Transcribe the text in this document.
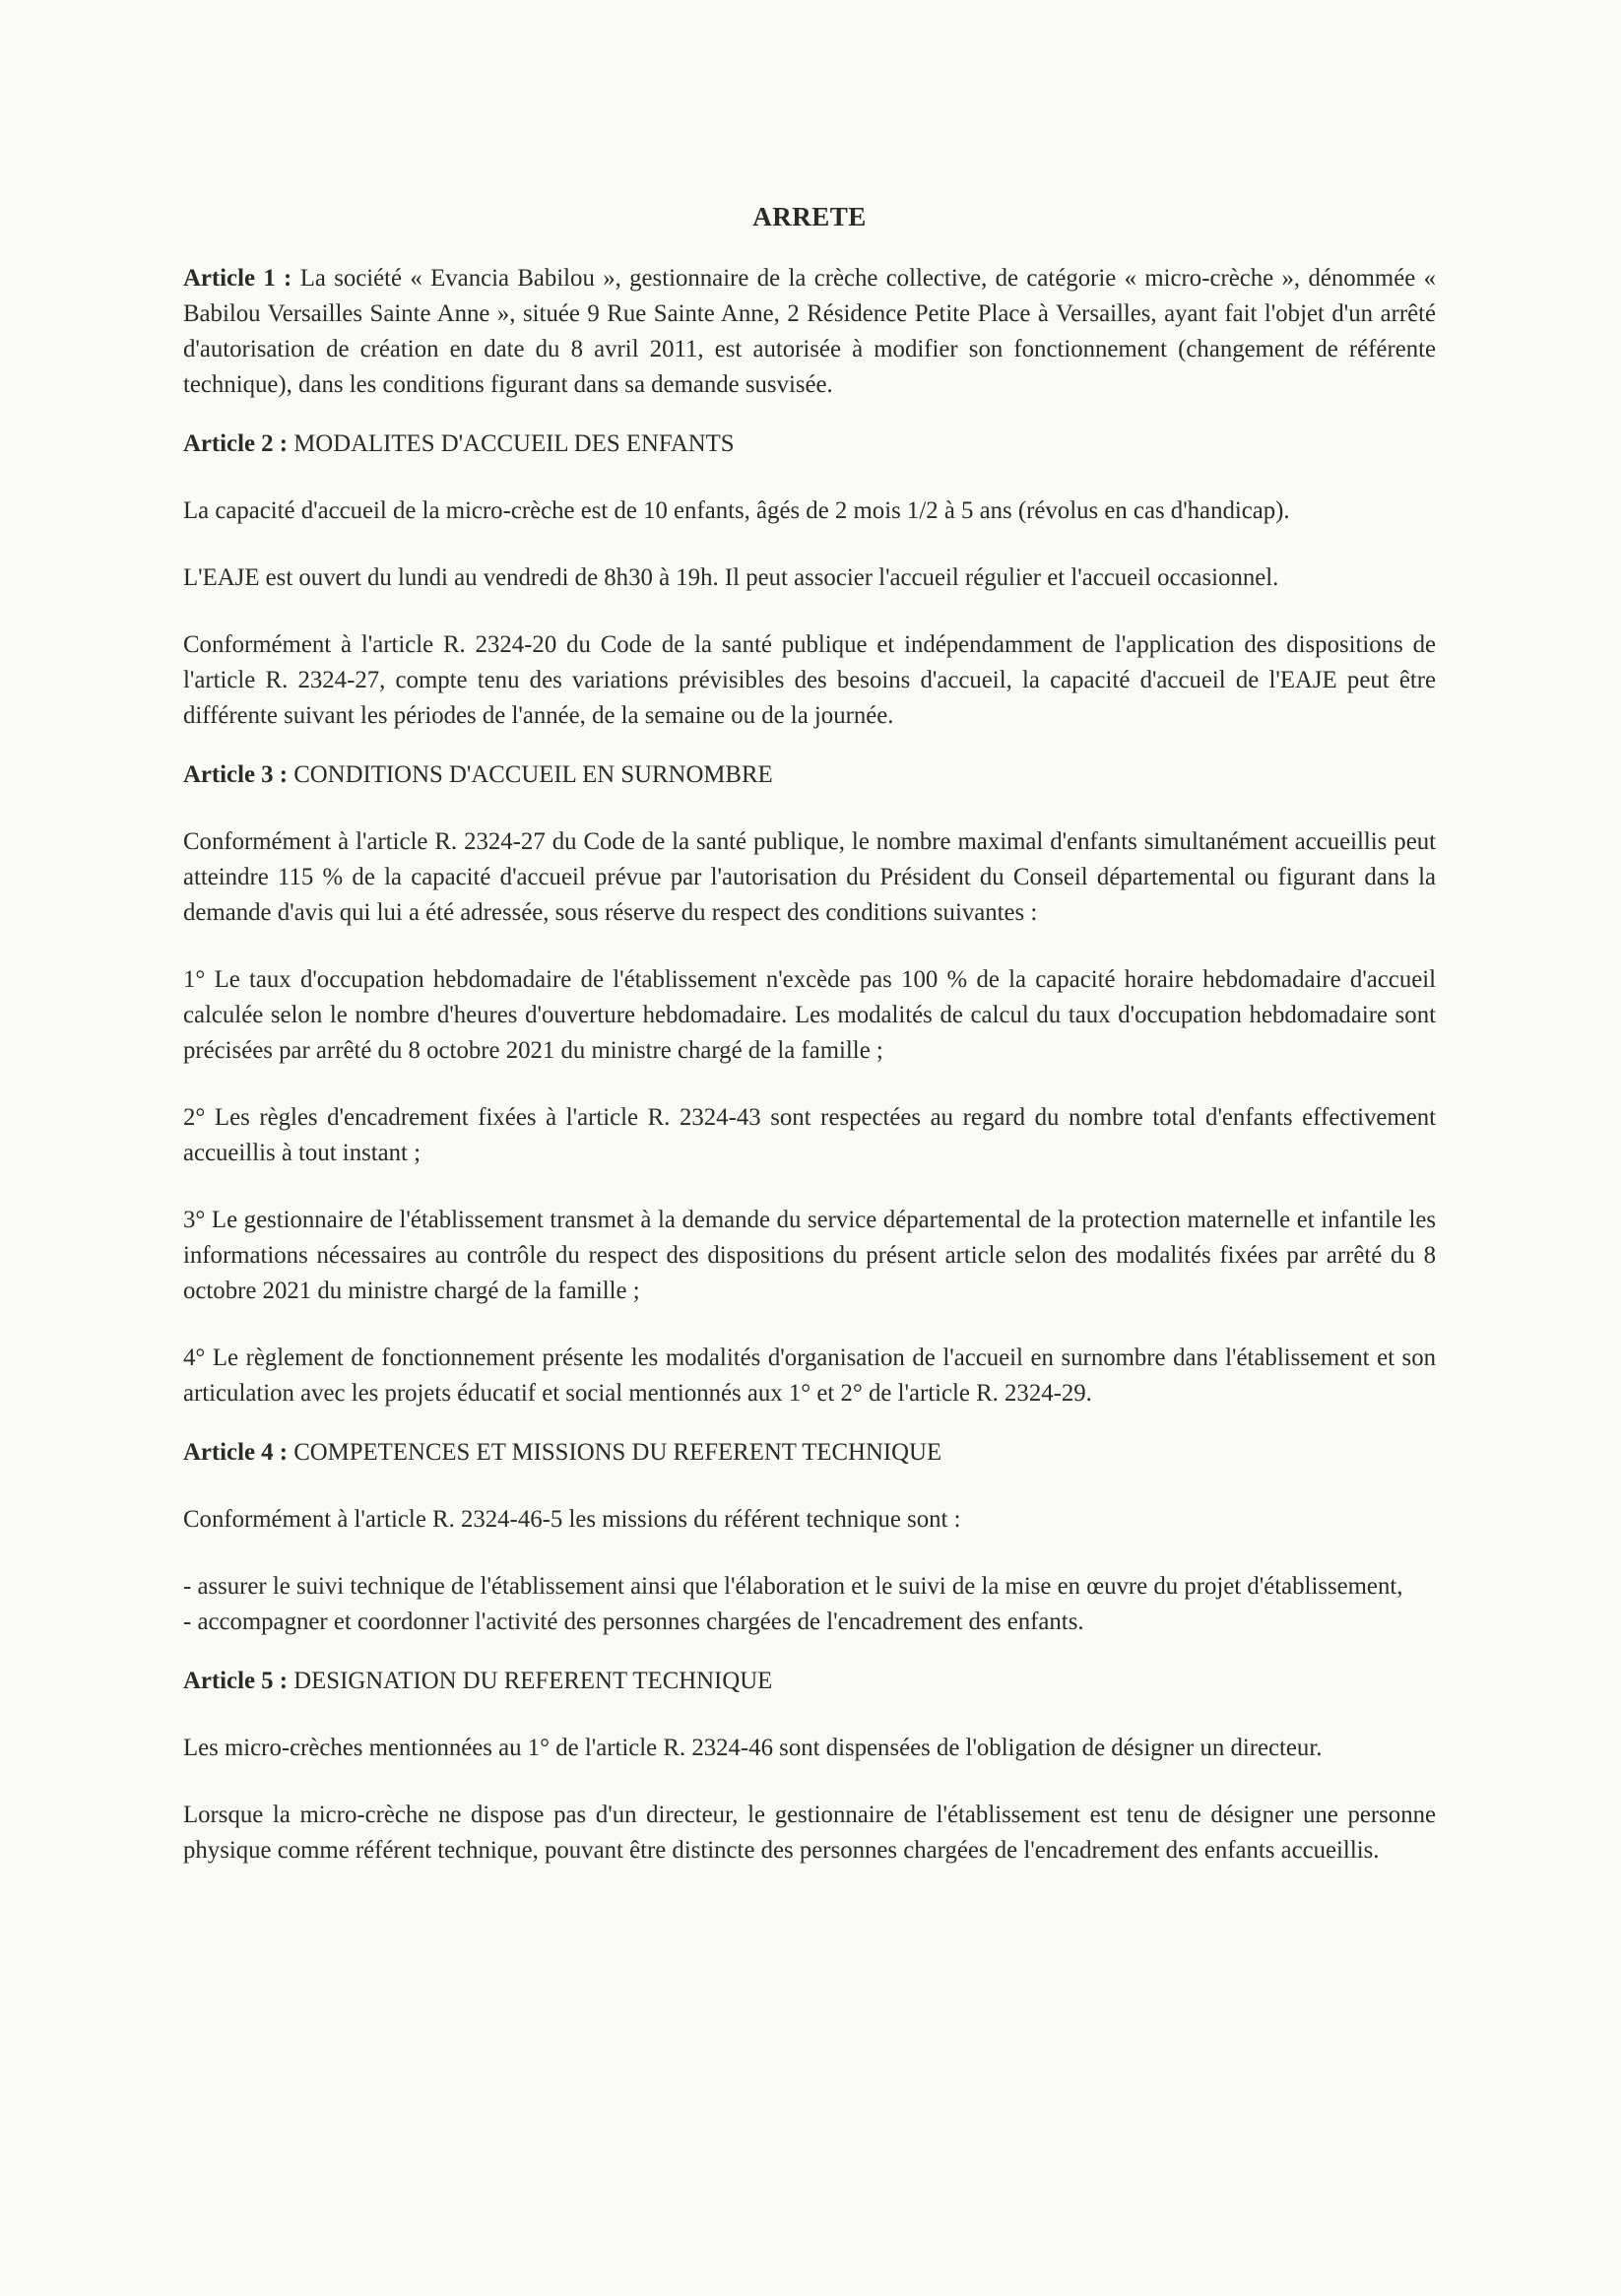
ARRETE

Article 1 : La société « Evancia Babilou », gestionnaire de la crèche collective, de catégorie « micro-crèche », dénommée « Babilou Versailles Sainte Anne », située 9 Rue Sainte Anne, 2 Résidence Petite Place à Versailles, ayant fait l'objet d'un arrêté d'autorisation de création en date du 8 avril 2011, est autorisée à modifier son fonctionnement (changement de référente technique), dans les conditions figurant dans sa demande susvisée.

Article 2 : MODALITES D'ACCUEIL DES ENFANTS

La capacité d'accueil de la micro-crèche est de 10 enfants, âgés de 2 mois 1/2 à 5 ans (révolus en cas d'handicap).

L'EAJE est ouvert du lundi au vendredi de 8h30 à 19h. Il peut associer l'accueil régulier et l'accueil occasionnel.

Conformément à l'article R. 2324-20 du Code de la santé publique et indépendamment de l'application des dispositions de l'article R. 2324-27, compte tenu des variations prévisibles des besoins d'accueil, la capacité d'accueil de l'EAJE peut être différente suivant les périodes de l'année, de la semaine ou de la journée.

Article 3 : CONDITIONS D'ACCUEIL EN SURNOMBRE

Conformément à l'article R. 2324-27 du Code de la santé publique, le nombre maximal d'enfants simultanément accueillis peut atteindre 115 % de la capacité d'accueil prévue par l'autorisation du Président du Conseil départemental ou figurant dans la demande d'avis qui lui a été adressée, sous réserve du respect des conditions suivantes :

1° Le taux d'occupation hebdomadaire de l'établissement n'excède pas 100 % de la capacité horaire hebdomadaire d'accueil calculée selon le nombre d'heures d'ouverture hebdomadaire. Les modalités de calcul du taux d'occupation hebdomadaire sont précisées par arrêté du 8 octobre 2021 du ministre chargé de la famille ;

2° Les règles d'encadrement fixées à l'article R. 2324-43 sont respectées au regard du nombre total d'enfants effectivement accueillis à tout instant ;

3° Le gestionnaire de l'établissement transmet à la demande du service départemental de la protection maternelle et infantile les informations nécessaires au contrôle du respect des dispositions du présent article selon des modalités fixées par arrêté du 8 octobre 2021 du ministre chargé de la famille ;

4° Le règlement de fonctionnement présente les modalités d'organisation de l'accueil en surnombre dans l'établissement et son articulation avec les projets éducatif et social mentionnés aux 1° et 2° de l'article R. 2324-29.

Article 4 : COMPETENCES ET MISSIONS DU REFERENT TECHNIQUE

Conformément à l'article R. 2324-46-5 les missions du référent technique sont :

- assurer le suivi technique de l'établissement ainsi que l'élaboration et le suivi de la mise en œuvre du projet d'établissement,

- accompagner et coordonner l'activité des personnes chargées de l'encadrement des enfants.

Article 5 : DESIGNATION DU REFERENT TECHNIQUE

Les micro-crèches mentionnées au 1° de l'article R. 2324-46 sont dispensées de l'obligation de désigner un directeur.

Lorsque la micro-crèche ne dispose pas d'un directeur, le gestionnaire de l'établissement est tenu de désigner une personne physique comme référent technique, pouvant être distincte des personnes chargées de l'encadrement des enfants accueillis.
